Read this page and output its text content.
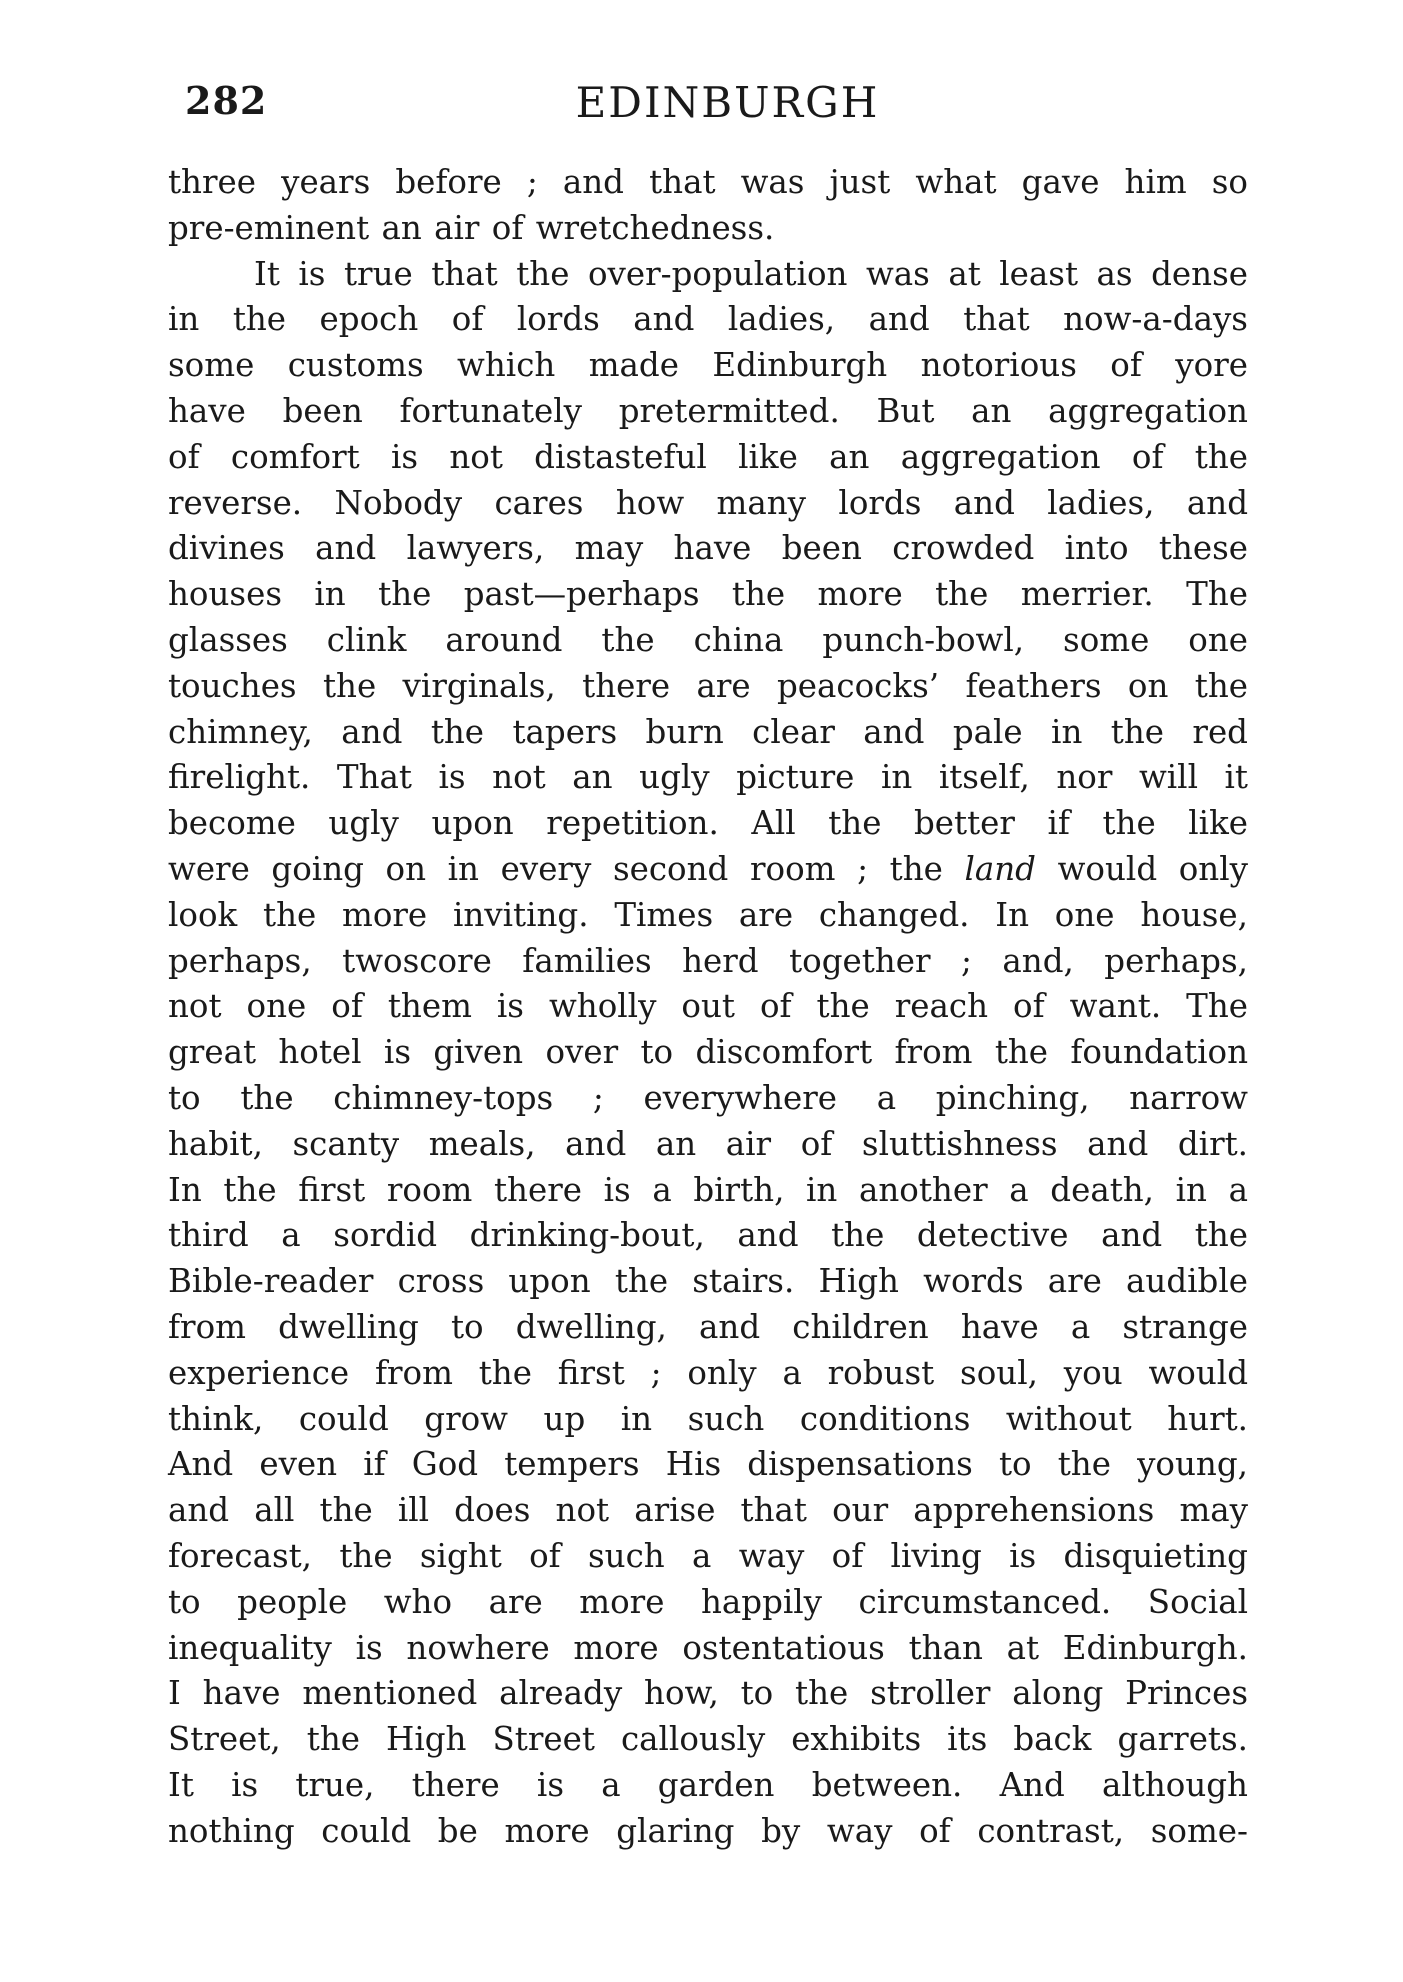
282	EDINBURGH
three years before ; and that was just what gave him so
pre-eminent an air of wretchedness.
It is true that the over-population was at least as dense
in the epoch of lords and ladies, and that now-a-days
some customs which made Edinburgh notorious of yore
have been fortunately pretermitted. But an aggregation
of comfort is not distasteful like an aggregation of the
reverse. Nobody cares how many lords and ladies, and
divines and lawyers, may have been crowded into these
houses in the past—perhaps the more the merrier. The
glasses clink around the china punch-bowl, some one
touches the virginals, there are peacocks’ feathers on the
chimney, and the tapers burn clear and pale in the red
firelight. That is not an ugly picture in itself, nor will it
become ugly upon repetition. All the better if the like
were going on in every second room ; the land would only
look the more inviting. Times are changed. In one house,
perhaps, twoscore families herd together ; and, perhaps,
not one of them is wholly out of the reach of want. The
great hotel is given over to discomfort from the foundation
to the chimney-tops ; everywhere a pinching, narrow
habit, scanty meals, and an air of sluttishness and dirt.
In the first room there is a birth, in another a death, in a
third a sordid drinking-bout, and the detective and the
Bible-reader cross upon the stairs. High words are audible
from dwelling to dwelling, and children have a strange
experience from the first ; only a robust soul, you would
think, could grow up in such conditions without hurt.
And even if God tempers His dispensations to the young,
and all the ill does not arise that our apprehensions may
forecast, the sight of such a way of living is disquieting
to people who are more happily circumstanced. Social
inequality is nowhere more ostentatious than at Edinburgh.
I have mentioned already how, to the stroller along Princes
Street, the High Street callously exhibits its back garrets.
It is true, there is a garden between. And although
nothing could be more glaring by way of contrast, some-
